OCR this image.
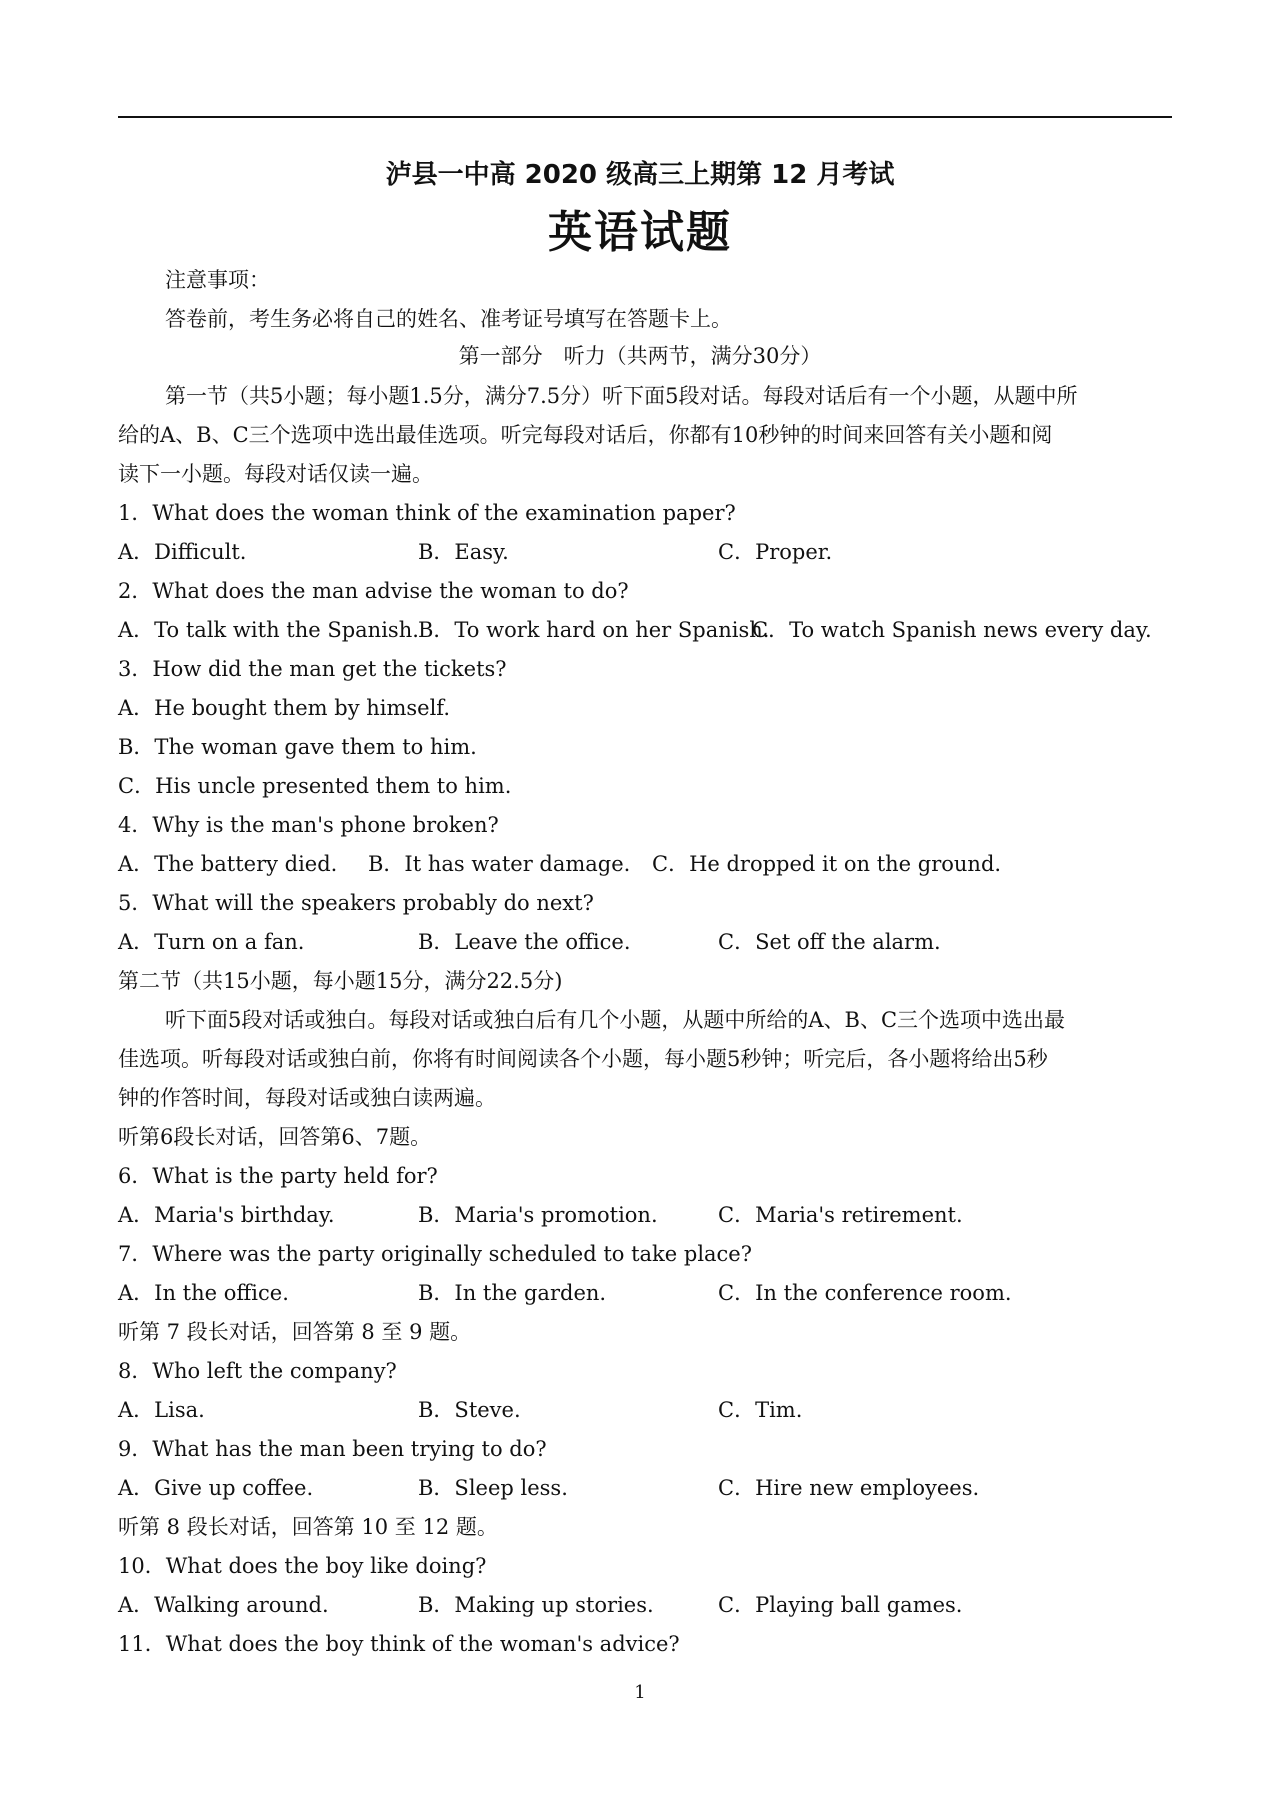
泸县一中高 2020 级高三上期第 12 月考试
英语试题
注意事项：
答卷前，考生务必将自己的姓名、准考证号填写在答题卡上。
第一部分　听力（共两节，满分30分）
第一节（共5小题；每小题1.5分，满分7.5分）听下面5段对话。每段对话后有一个小题，从题中所
给的A、B、C三个选项中选出最佳选项。听完每段对话后，你都有10秒钟的时间来回答有关小题和阅
读下一小题。每段对话仅读一遍。
1．What does the woman think of the examination paper?
A．Difficult.	B．Easy.	C．Proper.
2．What does the man advise the woman to do?
A．To talk with the Spanish. B．To work hard on her Spanish.
C．To watch Spanish news every day.
3．How did the man get the tickets?
A．He bought them by himself.
B．The woman gave them to him.
C．His uncle presented them to him.
4．Why is the man's phone broken?
A．The battery died. B．It has water damage. C．He dropped it on the ground.
5．What will the speakers probably do next?
A．Turn on a fan.	B．Leave the office.	C．Set off the alarm.
第二节（共15小题，每小题15分，满分22.5分)
听下面5段对话或独白。每段对话或独白后有几个小题，从题中所给的A、B、C三个选项中选出最
佳选项。听每段对话或独白前，你将有时间阅读各个小题，每小题5秒钟；听完后，各小题将给出5秒
钟的作答时间，每段对话或独白读两遍。
听第6段长对话，回答第6、7题。
6．What is the party held for?
A．Maria's birthday.	B．Maria's promotion.	C．Maria's retirement.
7．Where was the party originally scheduled to take place?
A．In the office.	B．In the garden.	C．In the conference room.
听第 7 段长对话，回答第 8 至 9 题。
8．Who left the company?
A．Lisa.	B．Steve.	C．Tim.
9．What has the man been trying to do?
A．Give up coffee.	B．Sleep less.	C．Hire new employees.
听第 8 段长对话，回答第 10 至 12 题。
10．What does the boy like doing?
A．Walking around.	B．Making up stories.	C．Playing ball games.
11．What does the boy think of the woman's advice?
1
